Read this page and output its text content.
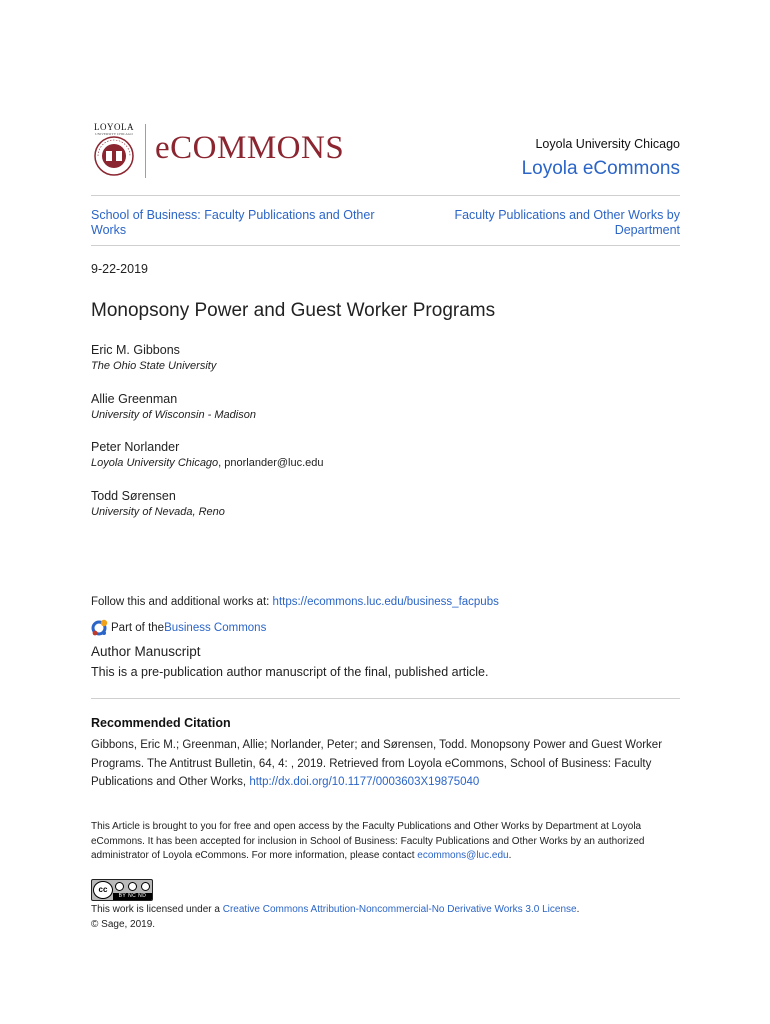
LOYOLA
UNIVERSITY CHICAGO eCOMMONS	Loyola University Chicago
Loyola eCommons
School of Business: Faculty Publications and Other Works
Faculty Publications and Other Works by Department
9-22-2019
Monopsony Power and Guest Worker Programs
Eric M. Gibbons
The Ohio State University
Allie Greenman
University of Wisconsin - Madison
Peter Norlander
Loyola University Chicago, pnorlander@luc.edu
Todd Sørensen
University of Nevada, Reno
Follow this and additional works at: https://ecommons.luc.edu/business_facpubs
Part of the Business Commons
Author Manuscript
This is a pre-publication author manuscript of the final, published article.
Recommended Citation
Gibbons, Eric M.; Greenman, Allie; Norlander, Peter; and Sørensen, Todd. Monopsony Power and Guest Worker Programs. The Antitrust Bulletin, 64, 4: , 2019. Retrieved from Loyola eCommons, School of Business: Faculty Publications and Other Works, http://dx.doi.org/10.1177/0003603X19875040
This Article is brought to you for free and open access by the Faculty Publications and Other Works by Department at Loyola eCommons. It has been accepted for inclusion in School of Business: Faculty Publications and Other Works by an authorized administrator of Loyola eCommons. For more information, please contact ecommons@luc.edu.
cc
BY NC ND
This work is licensed under a Creative Commons Attribution-Noncommercial-No Derivative Works 3.0 License.
© Sage, 2019.
